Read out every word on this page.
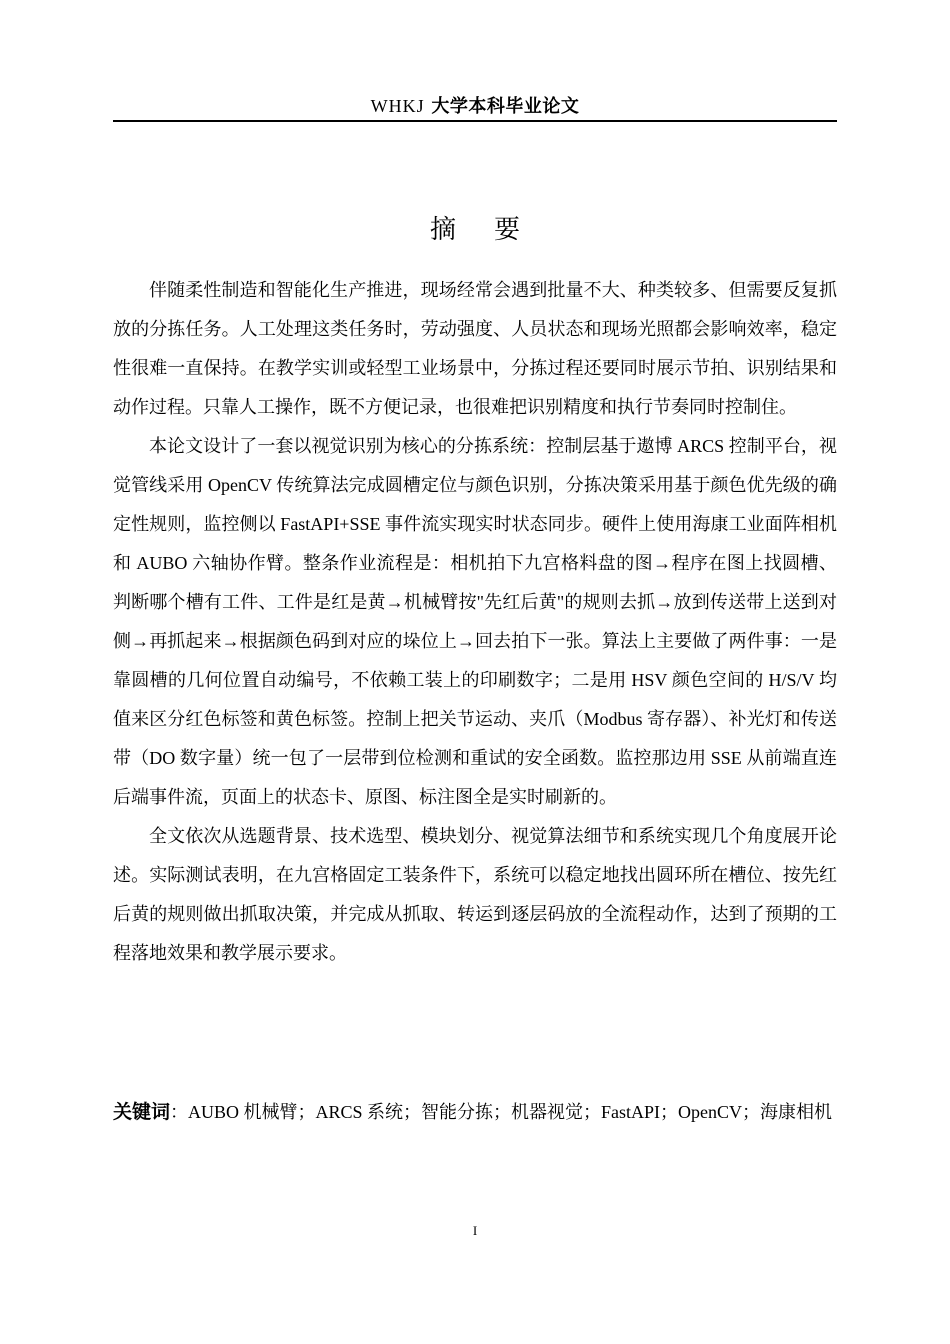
WHKJ 大学本科毕业论文
摘要

伴随柔性制造和智能化生产推进，现场经常会遇到批量不大、种类较多、但需要反复抓放的分拣任务。人工处理这类任务时，劳动强度、人员状态和现场光照都会影响效率，稳定性很难一直保持。在教学实训或轻型工业场景中，分拣过程还要同时展示节拍、识别结果和动作过程。只靠人工操作，既不方便记录，也很难把识别精度和执行节奏同时控制住。

本论文设计了一套以视觉识别为核心的分拣系统：控制层基于遨博 ARCS 控制平台，视觉管线采用 OpenCV 传统算法完成圆槽定位与颜色识别，分拣决策采用基于颜色优先级的确定性规则，监控侧以 FastAPI+SSE 事件流实现实时状态同步。硬件上使用海康工业面阵相机和 AUBO 六轴协作臂。整条作业流程是：相机拍下九宫格料盘的图→程序在图上找圆槽、判断哪个槽有工件、工件是红是黄→机械臂按"先红后黄"的规则去抓→放到传送带上送到对侧→再抓起来→根据颜色码到对应的垛位上→回去拍下一张。算法上主要做了两件事：一是靠圆槽的几何位置自动编号，不依赖工装上的印刷数字；二是用 HSV 颜色空间的 H/S/V 均值来区分红色标签和黄色标签。控制上把关节运动、夹爪（Modbus 寄存器）、补光灯和传送带（DO 数字量）统一包了一层带到位检测和重试的安全函数。监控那边用 SSE 从前端直连后端事件流，页面上的状态卡、原图、标注图全是实时刷新的。

全文依次从选题背景、技术选型、模块划分、视觉算法细节和系统实现几个角度展开论述。实际测试表明，在九宫格固定工装条件下，系统可以稳定地找出圆环所在槽位、按先红后黄的规则做出抓取决策，并完成从抓取、转运到逐层码放的全流程动作，达到了预期的工程落地效果和教学展示要求。

关键词：AUBO 机械臂；ARCS 系统；智能分拣；机器视觉；FastAPI；OpenCV；海康相机
I
